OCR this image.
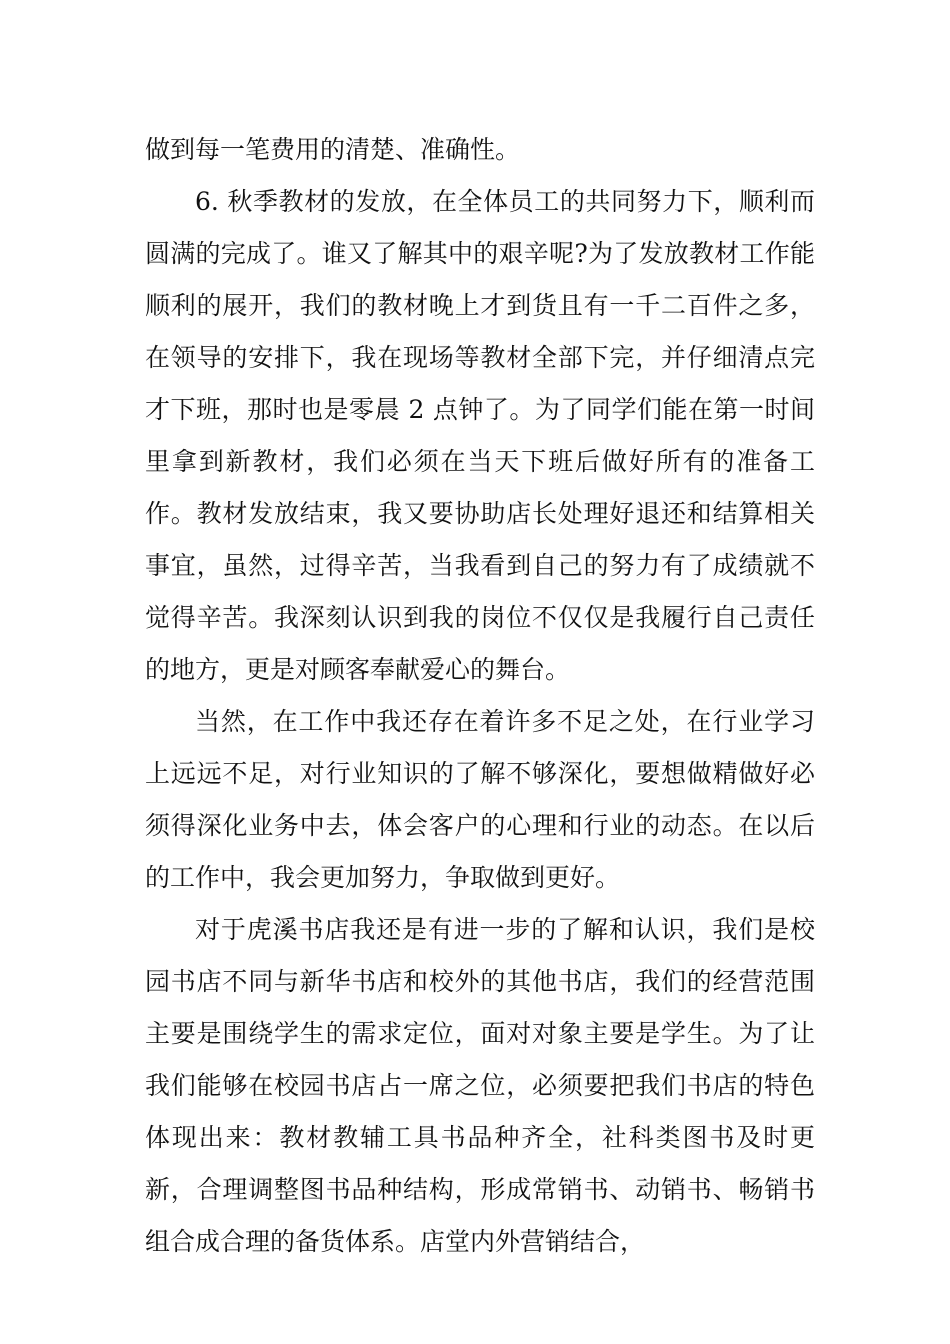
做到每一笔费用的清楚、准确性。

6. 秋季教材的发放，在全体员工的共同努力下，顺利而圆满的完成了。谁又了解其中的艰辛呢?为了发放教材工作能顺利的展开，我们的教材晚上才到货且有一千二百件之多，在领导的安排下，我在现场等教材全部下完，并仔细清点完才下班，那时也是零晨 2 点钟了。为了同学们能在第一时间里拿到新教材，我们必须在当天下班后做好所有的准备工作。教材发放结束，我又要协助店长处理好退还和结算相关事宜，虽然，过得辛苦，当我看到自己的努力有了成绩就不觉得辛苦。我深刻认识到我的岗位不仅仅是我履行自己责任的地方，更是对顾客奉献爱心的舞台。

当然，在工作中我还存在着许多不足之处，在行业学习上远远不足，对行业知识的了解不够深化，要想做精做好必须得深化业务中去，体会客户的心理和行业的动态。在以后的工作中，我会更加努力，争取做到更好。

对于虎溪书店我还是有进一步的了解和认识，我们是校园书店不同与新华书店和校外的其他书店，我们的经营范围主要是围绕学生的需求定位，面对对象主要是学生。为了让我们能够在校园书店占一席之位，必须要把我们书店的特色体现出来：教材教辅工具书品种齐全，社科类图书及时更新，合理调整图书品种结构，形成常销书、动销书、畅销书组合成合理的备货体系。店堂内外营销结合，
